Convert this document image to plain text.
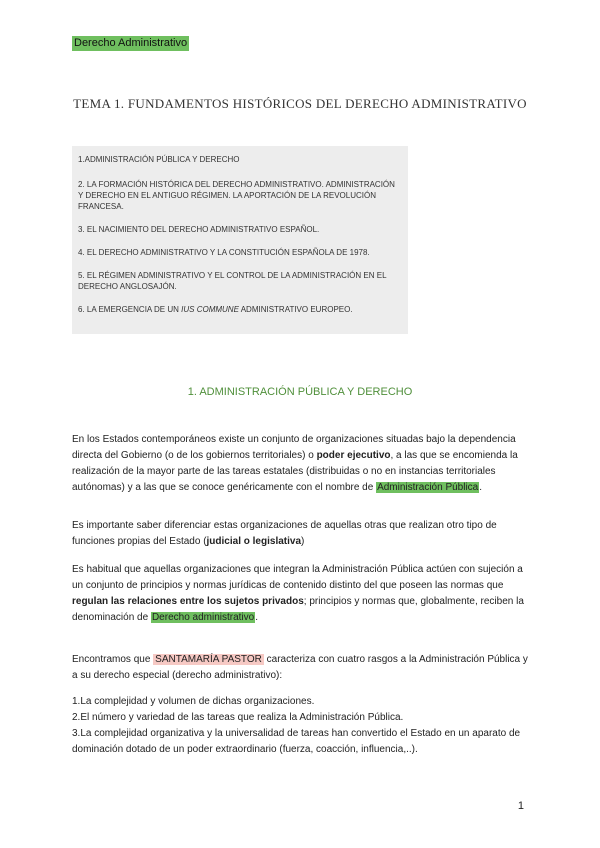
Derecho Administrativo
TEMA 1. FUNDAMENTOS HISTÓRICOS DEL DERECHO ADMINISTRATIVO
1.ADMINISTRACIÓN PÚBLICA Y DERECHO
2. LA FORMACIÓN HISTÓRICA DEL DERECHO ADMINISTRATIVO. ADMINISTRACIÓN Y DERECHO EN EL ANTIGUO RÉGIMEN. LA APORTACIÓN DE LA REVOLUCIÓN FRANCESA.
3. EL NACIMIENTO DEL DERECHO ADMINISTRATIVO ESPAÑOL.
4. EL DERECHO ADMINISTRATIVO Y LA CONSTITUCIÓN ESPAÑOLA DE 1978.
5. EL RÉGIMEN ADMINISTRATIVO Y EL CONTROL DE LA ADMINISTRACIÓN EN EL DERECHO ANGLOSAJÓN.
6. LA EMERGENCIA DE UN IUS COMMUNE ADMINISTRATIVO EUROPEO.
1. ADMINISTRACIÓN PÚBLICA Y DERECHO
En los Estados contemporáneos existe un conjunto de organizaciones situadas bajo la dependencia directa del Gobierno (o de los gobiernos territoriales) o poder ejecutivo, a las que se encomienda la realización de la mayor parte de las tareas estatales (distribuidas o no en instancias territoriales autónomas) y a las que se conoce genéricamente con el nombre de Administración Pública.
Es importante saber diferenciar estas organizaciones de aquellas otras que realizan otro tipo de funciones propias del Estado (judicial o legislativa)
Es habitual que aquellas organizaciones que integran la Administración Pública actúen con sujeción a un conjunto de principios y normas jurídicas de contenido distinto del que poseen las normas que regulan las relaciones entre los sujetos privados; principios y normas que, globalmente, reciben la denominación de Derecho administrativo.
Encontramos que SANTAMARÍA PASTOR caracteriza con cuatro rasgos a la Administración Pública y a su derecho especial (derecho administrativo):
1.La complejidad y volumen de dichas organizaciones.
2.El número y variedad de las tareas que realiza la Administración Pública.
3.La complejidad organizativa y la universalidad de tareas han convertido el Estado en un aparato de dominación dotado de un poder extraordinario (fuerza, coacción, influencia,..).
1
